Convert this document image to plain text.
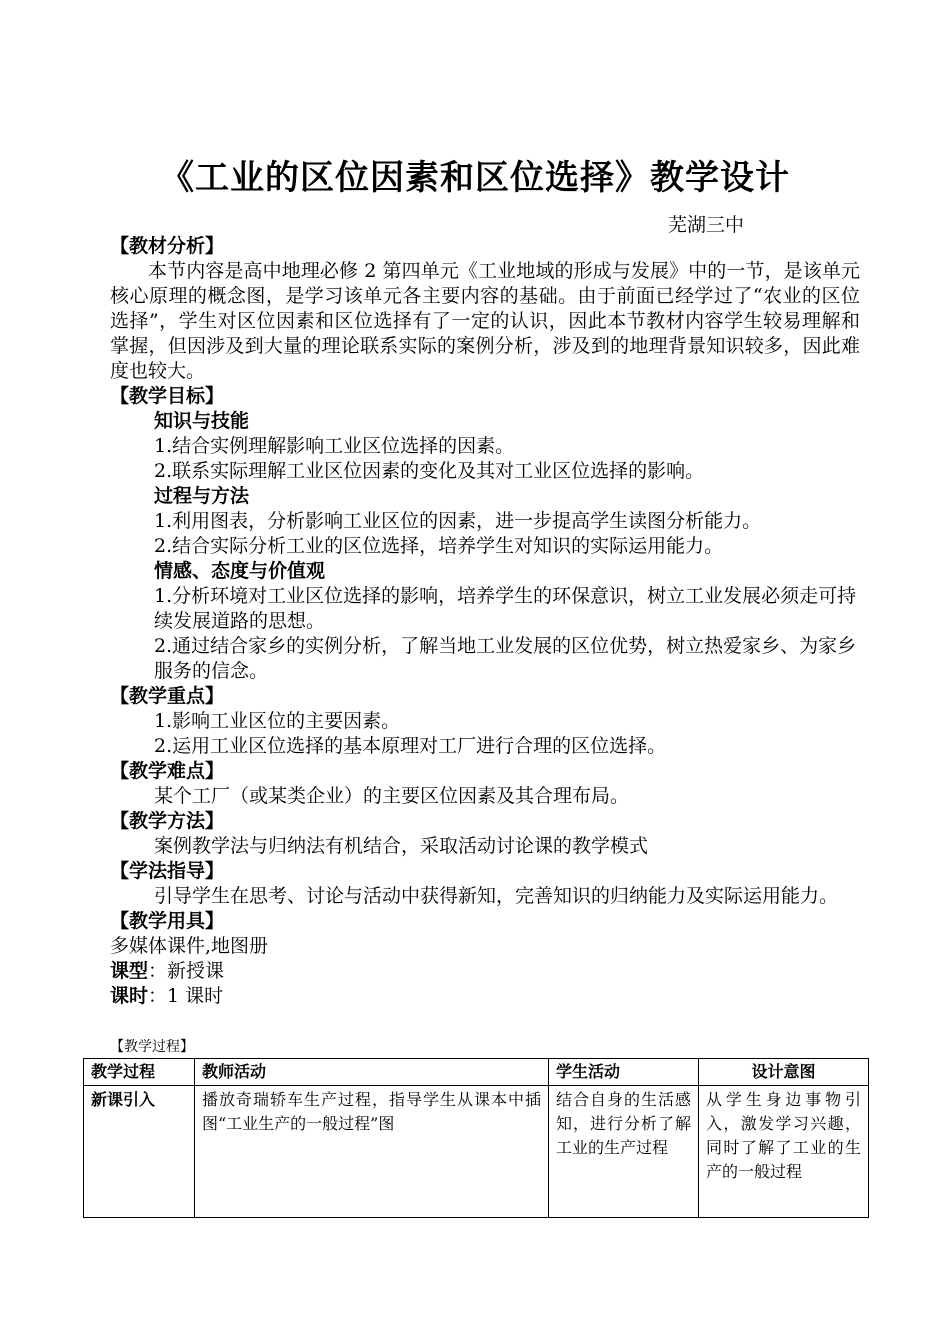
《工业的区位因素和区位选择》教学设计
芜湖三中

【教材分析】

本节内容是高中地理必修 2 第四单元《工业地域的形成与发展》中的一节，是该单元核心原理的概念图，是学习该单元各主要内容的基础。由于前面已经学过了“农业的区位选择”，学生对区位因素和区位选择有了一定的认识，因此本节教材内容学生较易理解和掌握，但因涉及到大量的理论联系实际的案例分析，涉及到的地理背景知识较多，因此难度也较大。

【教学目标】

知识与技能

1.结合实例理解影响工业区位选择的因素。

2.联系实际理解工业区位因素的变化及其对工业区位选择的影响。

过程与方法

1.利用图表，分析影响工业区位的因素，进一步提高学生读图分析能力。

2.结合实际分析工业的区位选择，培养学生对知识的实际运用能力。

情感、态度与价值观

1.分析环境对工业区位选择的影响，培养学生的环保意识，树立工业发展必须走可持续发展道路的思想。

2.通过结合家乡的实例分析，了解当地工业发展的区位优势，树立热爱家乡、为家乡服务的信念。

【教学重点】

1.影响工业区位的主要因素。

2.运用工业区位选择的基本原理对工厂进行合理的区位选择。

【教学难点】

某个工厂（或某类企业）的主要区位因素及其合理布局。

【教学方法】

案例教学法与归纳法有机结合，采取活动讨论课的教学模式

【学法指导】

引导学生在思考、讨论与活动中获得新知，完善知识的归纳能力及实际运用能力。

【教学用具】

多媒体课件,地图册

课型：新授课

课时：1 课时

【教学过程】
教学过程	教师活动	学生活动	设计意图
新课引入	播放奇瑞轿车生产过程，指导学生从课本中插图“工业生产的一般过程”图	结合自身的生活感知，进行分析了解工业的生产过程	从学生身边事物引入，激发学习兴趣，同时了解了工业的生产的一般过程
